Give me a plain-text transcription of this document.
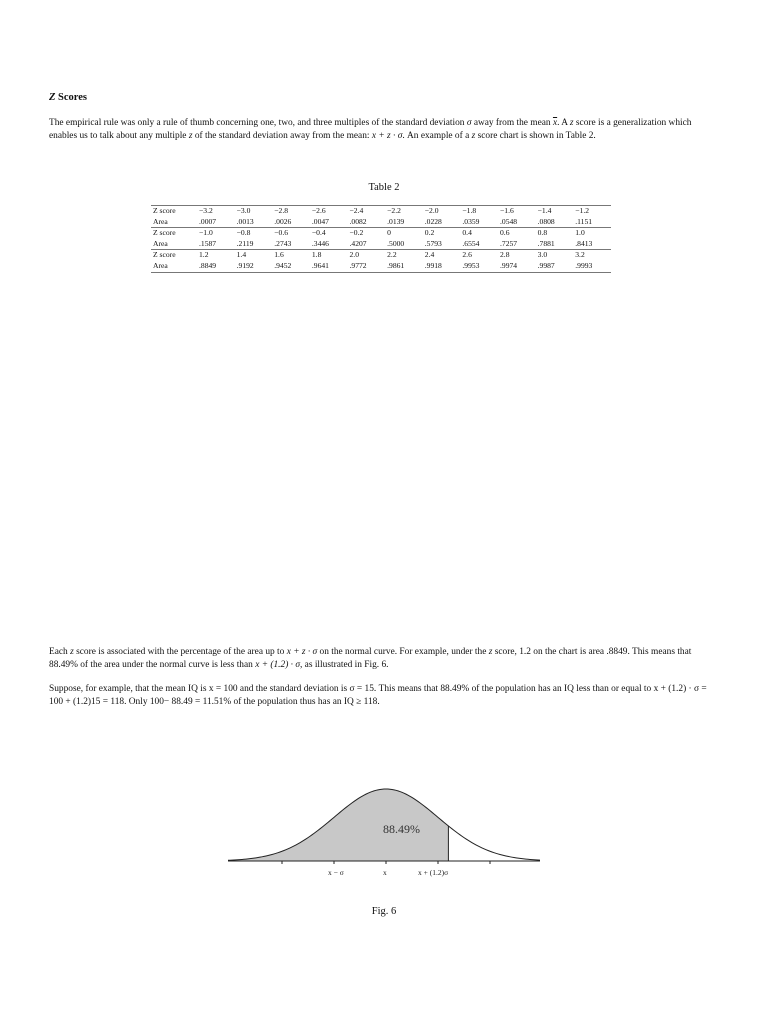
Z Scores

The empirical rule was only a rule of thumb concerning one, two, and three multiples of the standard deviation σ away from the mean $\overline{x}$. A z score is a generalization which enables us to talk about any multiple z of the standard deviation away from the mean: x + z · σ. An example of a z score chart is shown in Table 2.

Table 2
Z score	−3.2	−3.0	−2.8	−2.6	−2.4	−2.2	−2.0	−1.8	−1.6	−1.4	−1.2
Area	.0007	.0013	.0026	.0047	.0082	.0139	.0228	.0359	.0548	.0808	.1151
Z score	−1.0	−0.8	−0.6	−0.4	−0.2	0	0.2	0.4	0.6	0.8	1.0
Area	.1587	.2119	.2743	.3446	.4207	.5000	.5793	.6554	.7257	.7881	.8413
Z score	1.2	1.4	1.6	1.8	2.0	2.2	2.4	2.6	2.8	3.0	3.2
Area	.8849	.9192	.9452	.9641	.9772	.9861	.9918	.9953	.9974	.9987	.9993

Each z score is associated with the percentage of the area up to x + z · σ on the normal curve. For example, under the z score, 1.2 on the chart is area .8849. This means that 88.49% of the area under the normal curve is less than x + (1.2) · σ, as illustrated in Fig. 6.

Suppose, for example, that the mean IQ is x = 100 and the standard deviation is σ = 15. This means that 88.49% of the population has an IQ less than or equal to x + (1.2) · σ = 100 + (1.2)15 = 118. Only 100− 88.49 = 11.51% of the population thus has an IQ ≥ 118.

88.49%
x − σ	x	x + (1.2)σ
Fig. 6
